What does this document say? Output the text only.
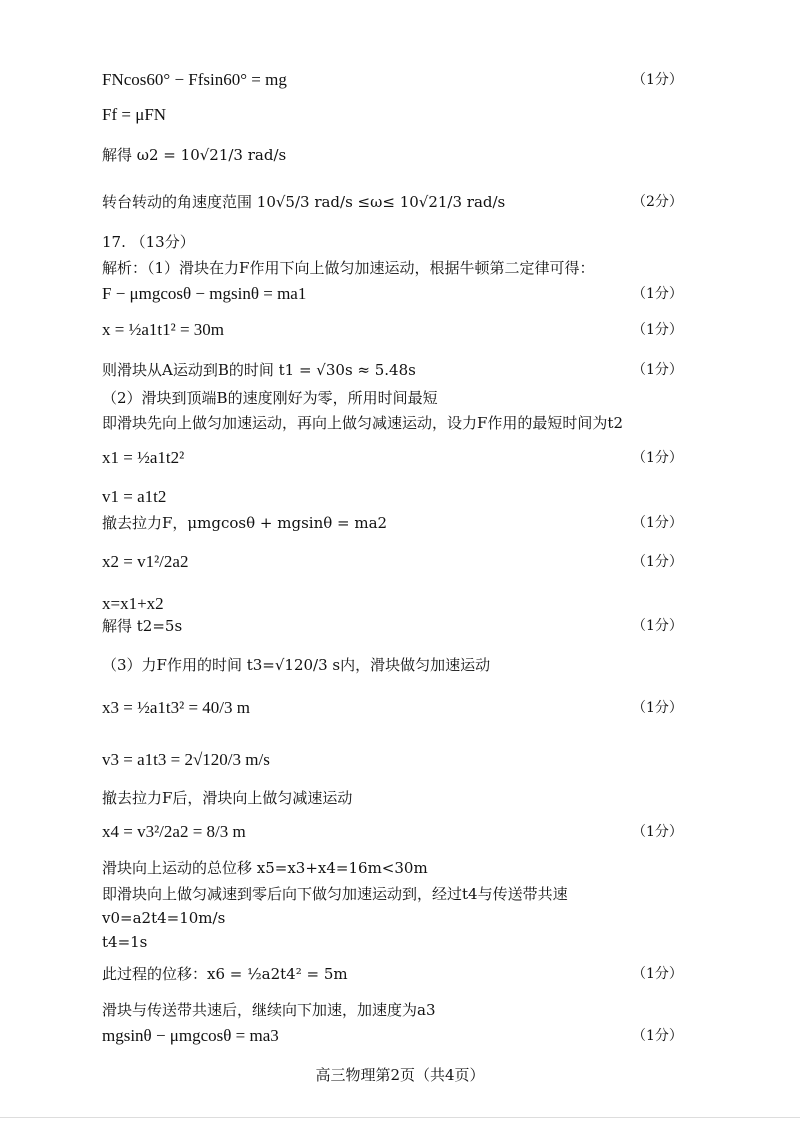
FNcos60° − Ffsin60° = mg	（1分）
Ff = μFN
解得 ω2 = 10√21/3 rad/s
转台转动的角速度范围 10√5/3 rad/s ≤ω≤ 10√21/3 rad/s	（2分）
17. （13分）
解析：（1）滑块在力F作用下向上做匀加速运动，根据牛顿第二定律可得：
F − μmgcosθ − mgsinθ = ma1	（1分）
x = ½a1t1² = 30m	（1分）
则滑块从A运动到B的时间 t1 = √30s ≈ 5.48s	（1分）
（2）滑块到顶端B的速度刚好为零，所用时间最短
即滑块先向上做匀加速运动，再向上做匀减速运动，设力F作用的最短时间为t2
x1 = ½a1t2²	（1分）
v1 = a1t2
撤去拉力F，μmgcosθ + mgsinθ = ma2	（1分）
x2 = v1²/2a2	（1分）
x=x1+x2
解得 t2=5s	（1分）
（3）力F作用的时间 t3=√120/3 s内，滑块做匀加速运动
x3 = ½a1t3² = 40/3 m	（1分）
v3 = a1t3 = 2√120/3 m/s
撤去拉力F后，滑块向上做匀减速运动
x4 = v3²/2a2 = 8/3 m	（1分）
滑块向上运动的总位移 x5=x3+x4=16m<30m
即滑块向上做匀减速到零后向下做匀加速运动到，经过t4与传送带共速
v0=a2t4=10m/s
t4=1s
此过程的位移：x6 = ½a2t4² = 5m	（1分）
滑块与传送带共速后，继续向下加速，加速度为a3
mgsinθ − μmgcosθ = ma3	（1分）
高三物理第2页（共4页）
